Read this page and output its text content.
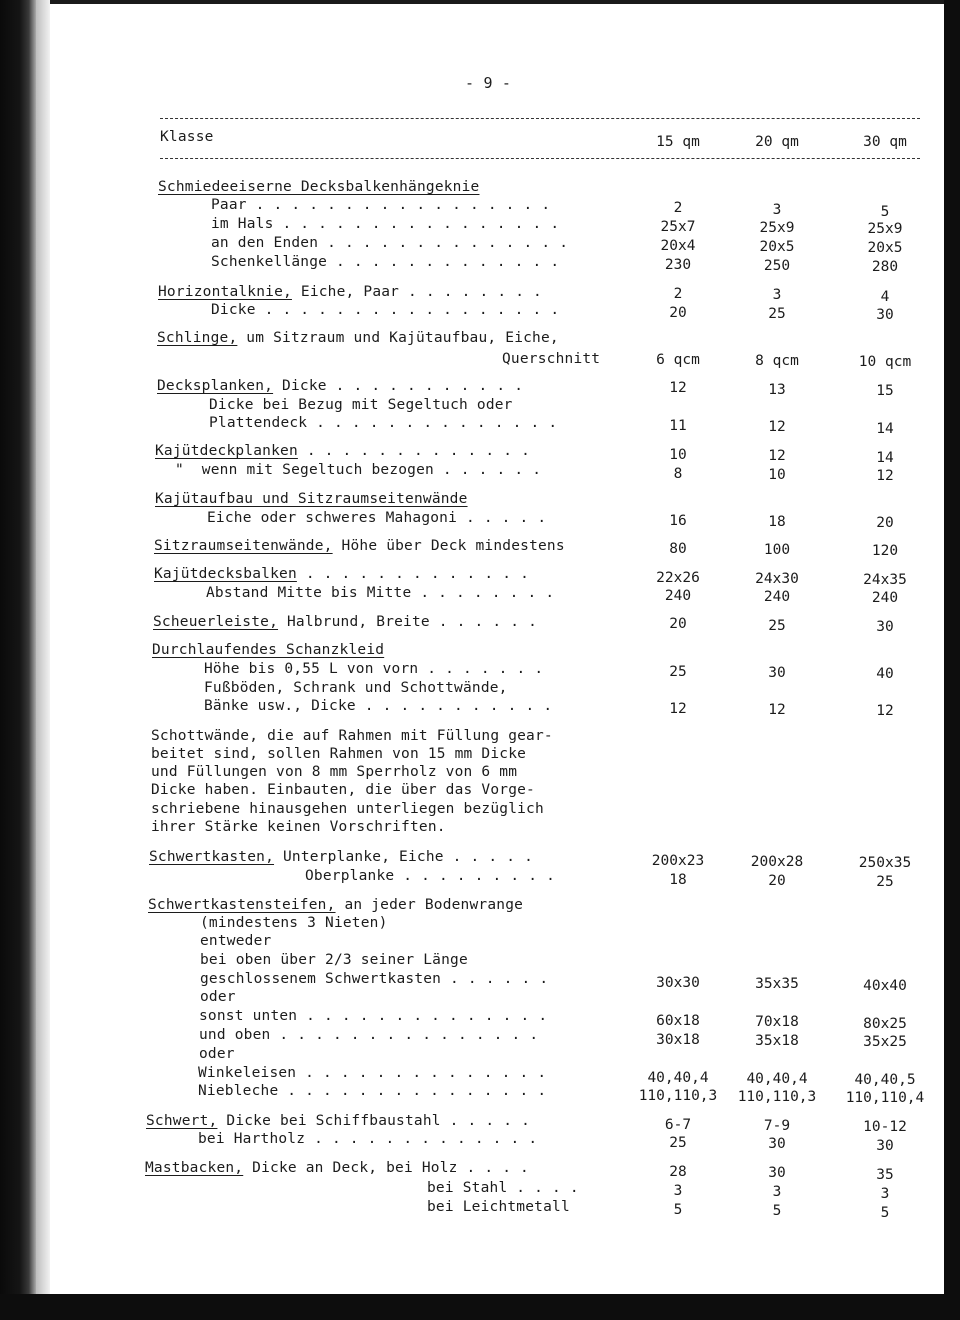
- 9 -
Klasse	15 qm	20 qm	30 qm
Schmiedeeiserne Decksbalkenhängeknie
Paar . . . . . . . . . . . . . . . . .	2	3	5
im Hals . . . . . . . . . . . . . . . .	25x7	25x9	25x9
an den Enden . . . . . . . . . . . . . .	20x4	20x5	20x5
Schenkellänge . . . . . . . . . . . . .	230	250	280
Horizontalknie, Eiche, Paar . . . . . . . .	2	3	4
Dicke . . . . . . . . . . . . . . . . .	20	25	30
Schlinge, um Sitzraum und Kajütaufbau, Eiche,
Querschnitt	6 qcm	8 qcm	10 qcm
Decksplanken, Dicke . . . . . . . . . . .	12	13	15
Dicke bei Bezug mit Segeltuch oder
Plattendeck . . . . . . . . . . . . . .	11	12	14
Kajütdeckplanken . . . . . . . . . . . . .	10	12	14
"  wenn mit Segeltuch bezogen . . . . . .	8	10	12
Kajütaufbau und Sitzraumseitenwände
Eiche oder schweres Mahagoni . . . . .	16	18	20
Sitzraumseitenwände, Höhe über Deck mindestens	80	100	120
Kajütdecksbalken . . . . . . . . . . . . .	22x26	24x30	24x35
Abstand Mitte bis Mitte . . . . . . . .	240	240	240
Scheuerleiste, Halbrund, Breite . . . . . .	20	25	30
Durchlaufendes Schanzkleid
Höhe bis 0,55 L von vorn . . . . . . .	25	30	40
Fußböden, Schrank und Schottwände,
Bänke usw., Dicke . . . . . . . . . . .	12	12	12
Schottwände, die auf Rahmen mit Füllung gear-
beitet sind, sollen Rahmen von 15 mm Dicke
und Füllungen von 8 mm Sperrholz von 6 mm
Dicke haben. Einbauten, die über das Vorge-
schriebene hinausgehen unterliegen bezüglich
ihrer Stärke keinen Vorschriften.
Schwertkasten, Unterplanke, Eiche . . . . .	200x23	200x28	250x35
Oberplanke . . . . . . . . .	18	20	25
Schwertkastensteifen, an jeder Bodenwrange
(mindestens 3 Nieten)
entweder
bei oben über 2/3 seiner Länge
geschlossenem Schwertkasten . . . . . .	30x30	35x35	40x40
oder
sonst unten . . . . . . . . . . . . . .	60x18	70x18	80x25
und oben . . . . . . . . . . . . . . .	30x18	35x18	35x25
oder
Winkeleisen . . . . . . . . . . . . . .	40,40,4	40,40,4	40,40,5
Niebleche . . . . . . . . . . . . . . .	110,110,3	110,110,3	110,110,4
Schwert, Dicke bei Schiffbaustahl . . . . .	6-7	7-9	10-12
bei Hartholz . . . . . . . . . . . . .	25	30	30
Mastbacken, Dicke an Deck, bei Holz . . . .	28	30	35
bei Stahl . . . .	3	3	3
bei Leichtmetall	5	5	5
